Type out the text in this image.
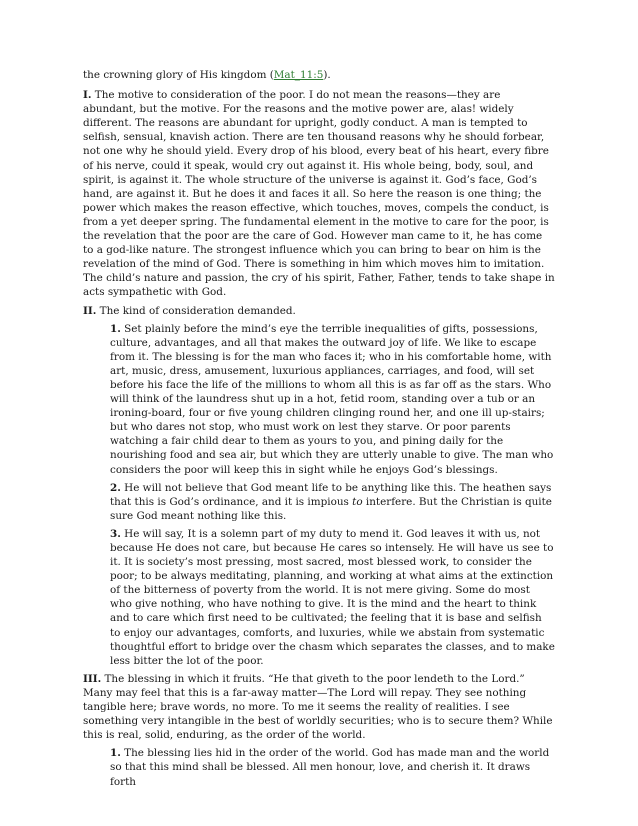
the crowning glory of His kingdom (Mat_11:5).

I. The motive to consideration of the poor. I do not mean the reasons—they are abundant, but the motive. For the reasons and the motive power are, alas! widely different. The reasons are abundant for upright, godly conduct. A man is tempted to selfish, sensual, knavish action. There are ten thousand reasons why he should forbear, not one why he should yield. Every drop of his blood, every beat of his heart, every fibre of his nerve, could it speak, would cry out against it. His whole being, body, soul, and spirit, is against it. The whole structure of the universe is against it. God’s face, God’s hand, are against it. But he does it and faces it all. So here the reason is one thing; the power which makes the reason effective, which touches, moves, compels the conduct, is from a yet deeper spring. The fundamental element in the motive to care for the poor, is the revelation that the poor are the care of God. However man came to it, he has come to a god-like nature. The strongest influence which you can bring to bear on him is the revelation of the mind of God. There is something in him which moves him to imitation. The child’s nature and passion, the cry of his spirit, Father, Father, tends to take shape in acts sympathetic with God.

II. The kind of consideration demanded.

1. Set plainly before the mind’s eye the terrible inequalities of gifts, possessions, culture, advantages, and all that makes the outward joy of life. We like to escape from it. The blessing is for the man who faces it; who in his comfortable home, with art, music, dress, amusement, luxurious appliances, carriages, and food, will set before his face the life of the millions to whom all this is as far off as the stars. Who will think of the laundress shut up in a hot, fetid room, standing over a tub or an ironing-board, four or five young children clinging round her, and one ill up-stairs; but who dares not stop, who must work on lest they starve. Or poor parents watching a fair child dear to them as yours to you, and pining daily for the nourishing food and sea air, but which they are utterly unable to give. The man who considers the poor will keep this in sight while he enjoys God’s blessings.

2. He will not believe that God meant life to be anything like this. The heathen says that this is God’s ordinance, and it is impious to interfere. But the Christian is quite sure God meant nothing like this.

3. He will say, It is a solemn part of my duty to mend it. God leaves it with us, not because He does not care, but because He cares so intensely. He will have us see to it. It is society’s most pressing, most sacred, most blessed work, to consider the poor; to be always meditating, planning, and working at what aims at the extinction of the bitterness of poverty from the world. It is not mere giving. Some do most who give nothing, who have nothing to give. It is the mind and the heart to think and to care which first need to be cultivated; the feeling that it is base and selfish to enjoy our advantages, comforts, and luxuries, while we abstain from systematic thoughtful effort to bridge over the chasm which separates the classes, and to make less bitter the lot of the poor.

III. The blessing in which it fruits. “He that giveth to the poor lendeth to the Lord.” Many may feel that this is a far-away matter—The Lord will repay. They see nothing tangible here; brave words, no more. To me it seems the reality of realities. I see something very intangible in the best of worldly securities; who is to secure them? While this is real, solid, enduring, as the order of the world.

1. The blessing lies hid in the order of the world. God has made man and the world so that this mind shall be blessed. All men honour, love, and cherish it. It draws forth
